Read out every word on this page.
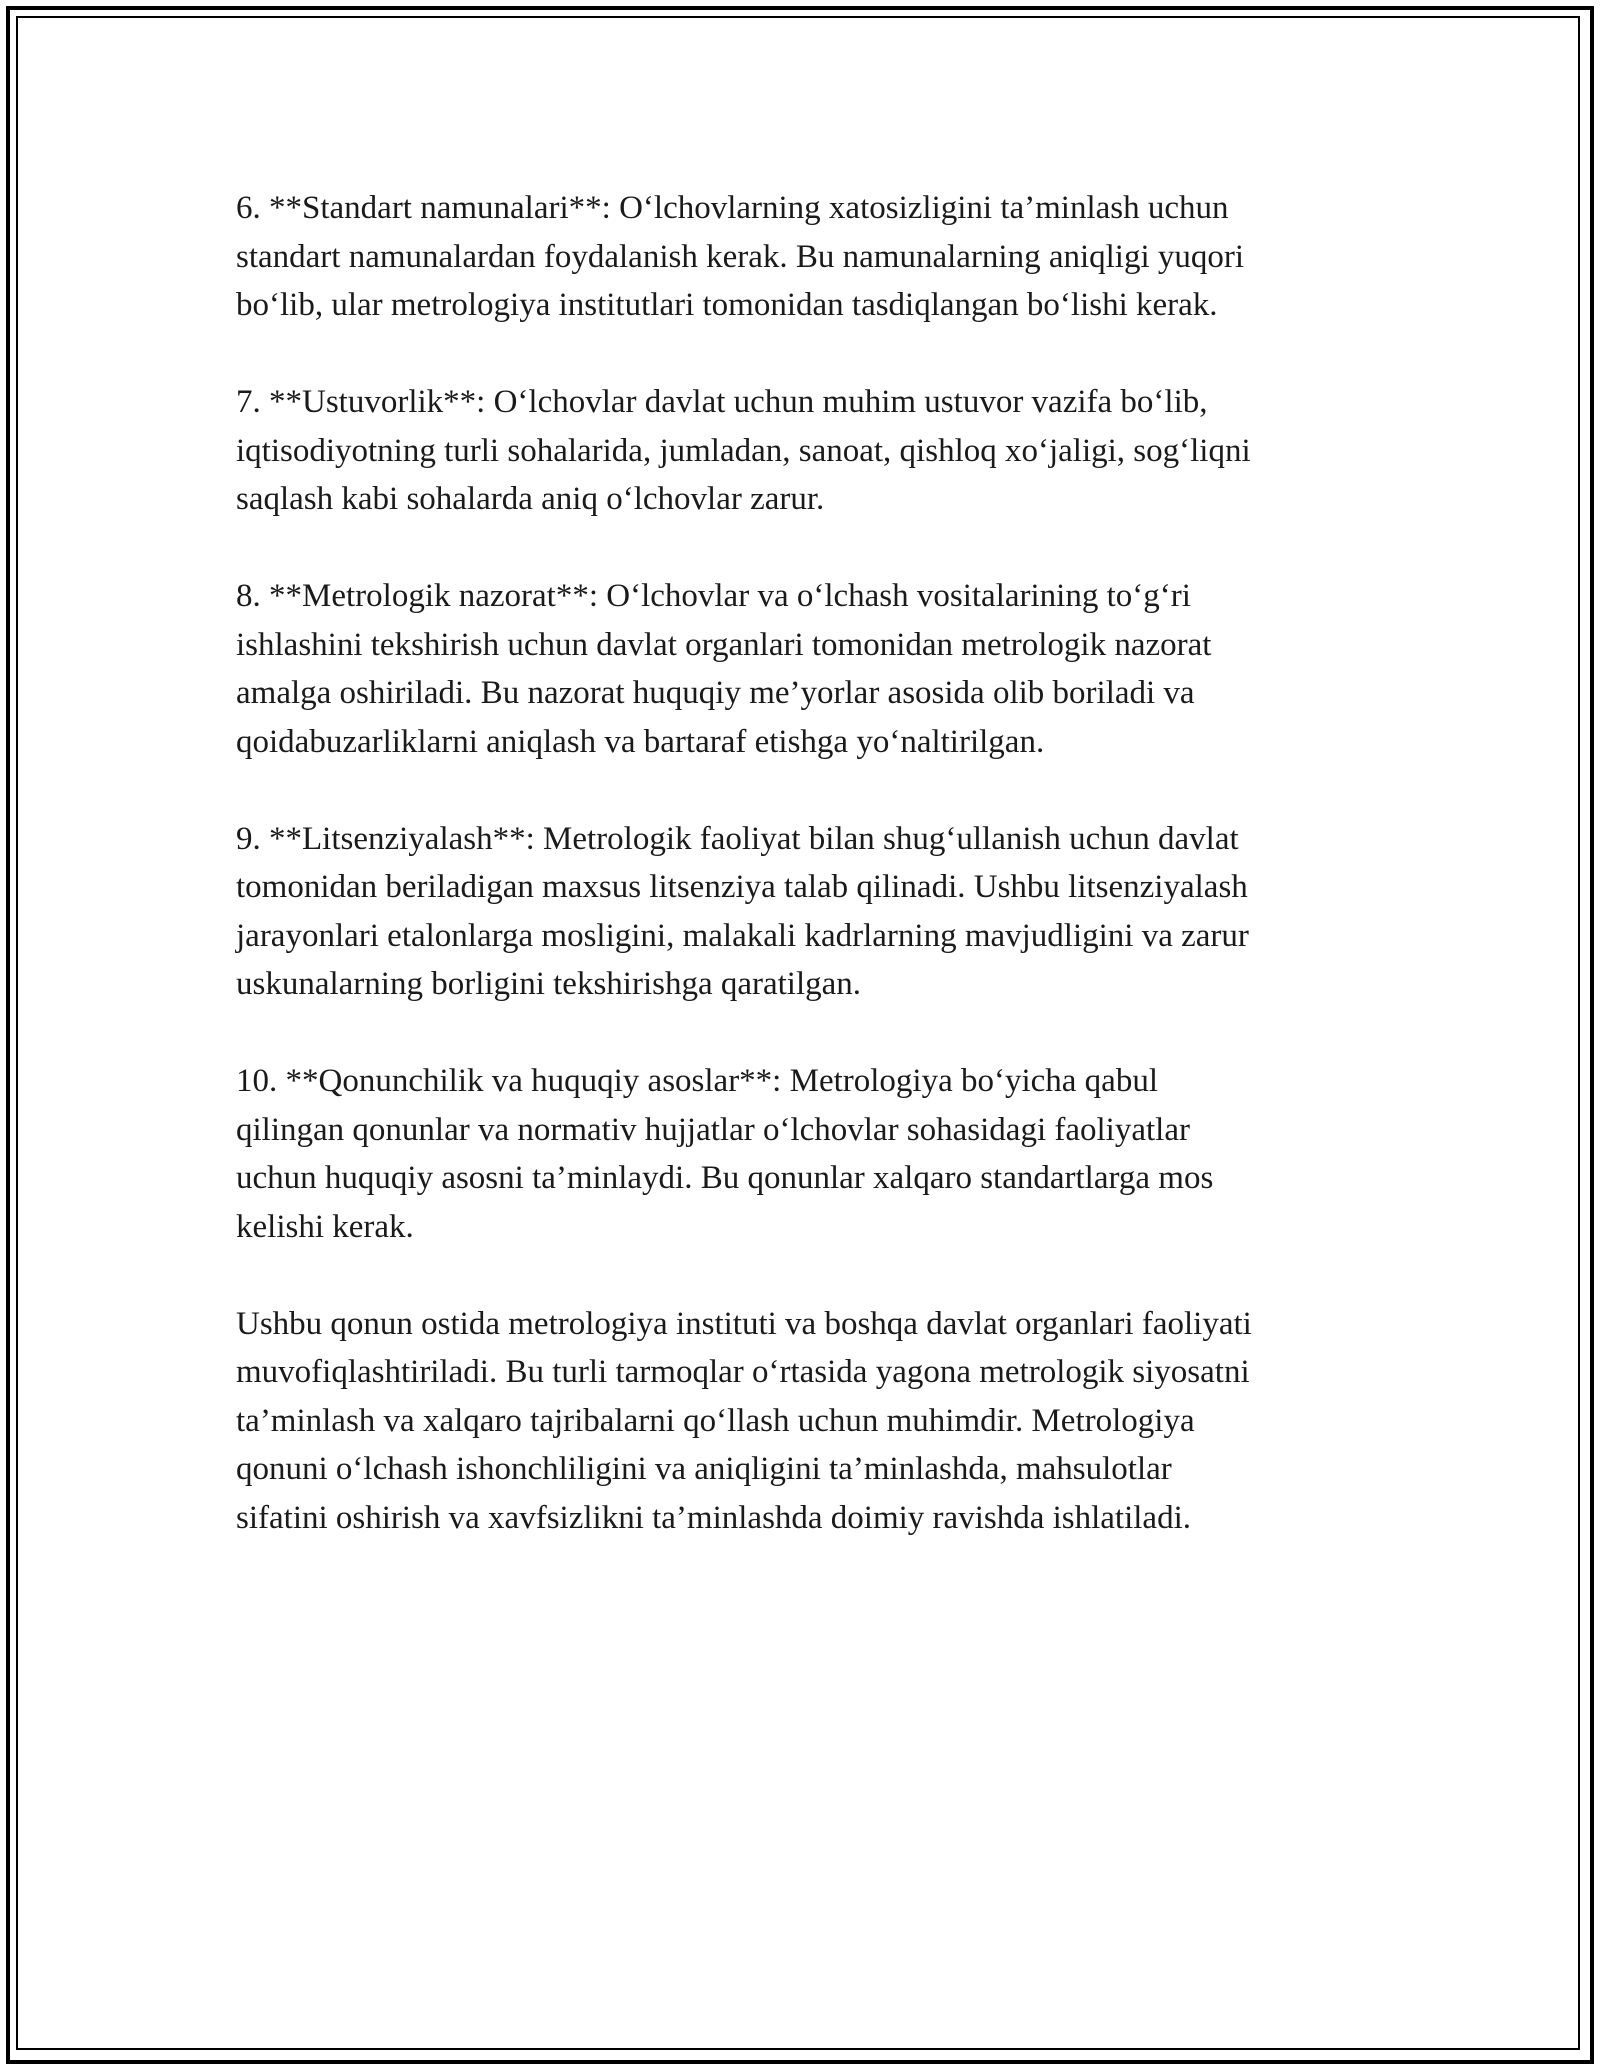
6. **Standart namunalari**: O‘lchovlarning xatosizligini ta’minlash uchun
standart namunalardan foydalanish kerak. Bu namunalarning aniqligi yuqori
bo‘lib, ular metrologiya institutlari tomonidan tasdiqlangan bo‘lishi kerak.

7. **Ustuvorlik**: O‘lchovlar davlat uchun muhim ustuvor vazifa bo‘lib,
iqtisodiyotning turli sohalarida, jumladan, sanoat, qishloq xo‘jaligi, sog‘liqni
saqlash kabi sohalarda aniq o‘lchovlar zarur.

8. **Metrologik nazorat**: O‘lchovlar va o‘lchash vositalarining to‘g‘ri
ishlashini tekshirish uchun davlat organlari tomonidan metrologik nazorat
amalga oshiriladi. Bu nazorat huquqiy me’yorlar asosida olib boriladi va
qoidabuzarliklarni aniqlash va bartaraf etishga yo‘naltirilgan.

9. **Litsenziyalash**: Metrologik faoliyat bilan shug‘ullanish uchun davlat
tomonidan beriladigan maxsus litsenziya talab qilinadi. Ushbu litsenziyalash
jarayonlari etalonlarga mosligini, malakali kadrlarning mavjudligini va zarur
uskunalarning borligini tekshirishga qaratilgan.

10. **Qonunchilik va huquqiy asoslar**: Metrologiya bo‘yicha qabul
qilingan qonunlar va normativ hujjatlar o‘lchovlar sohasidagi faoliyatlar
uchun huquqiy asosni ta’minlaydi. Bu qonunlar xalqaro standartlarga mos
kelishi kerak.

Ushbu qonun ostida metrologiya instituti va boshqa davlat organlari faoliyati
muvofiqlashtiriladi. Bu turli tarmoqlar o‘rtasida yagona metrologik siyosatni
ta’minlash va xalqaro tajribalarni qo‘llash uchun muhimdir. Metrologiya
qonuni o‘lchash ishonchliligini va aniqligini ta’minlashda, mahsulotlar
sifatini oshirish va xavfsizlikni ta’minlashda doimiy ravishda ishlatiladi.
